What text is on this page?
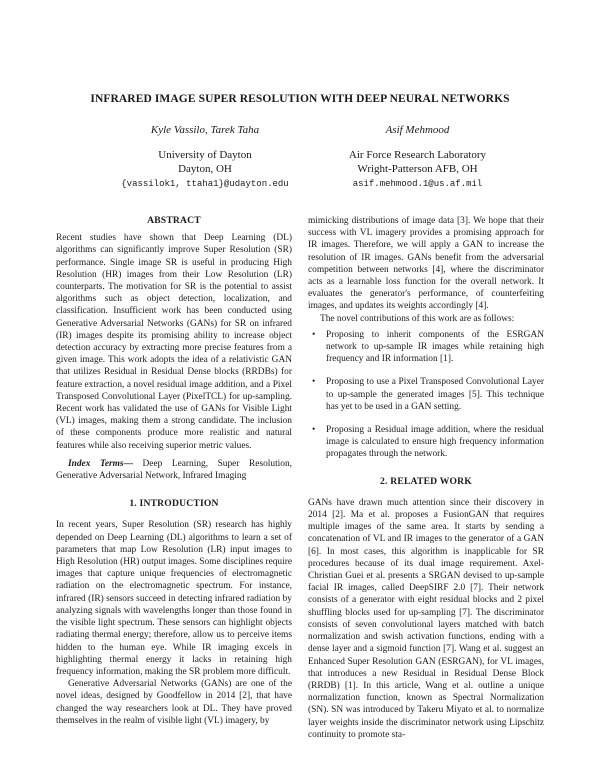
INFRARED IMAGE SUPER RESOLUTION WITH DEEP NEURAL NETWORKS
Kyle Vassilo, Tarek Taha
University of Dayton
Dayton, OH
{vassilok1, ttaha1}@udayton.edu
Asif Mehmood
Air Force Research Laboratory
Wright-Patterson AFB, OH
asif.mehmood.1@us.af.mil
ABSTRACT

Recent studies have shown that Deep Learning (DL) algorithms can significantly improve Super Resolution (SR) performance. Single image SR is useful in producing High Resolution (HR) images from their Low Resolution (LR) counterparts. The motivation for SR is the potential to assist algorithms such as object detection, localization, and classification. Insufficient work has been conducted using Generative Adversarial Networks (GANs) for SR on infrared (IR) images despite its promising ability to increase object detection accuracy by extracting more precise features from a given image. This work adopts the idea of a relativistic GAN that utilizes Residual in Residual Dense blocks (RRDBs) for feature extraction, a novel residual image addition, and a Pixel Transposed Convolutional Layer (PixelTCL) for up-sampling. Recent work has validated the use of GANs for Visible Light (VL) images, making them a strong candidate. The inclusion of these components produce more realistic and natural features while also receiving superior metric values.

Index Terms— Deep Learning, Super Resolution, Generative Adversarial Network, Infrared Imaging

1. INTRODUCTION

In recent years, Super Resolution (SR) research has highly depended on Deep Learning (DL) algorithms to learn a set of parameters that map Low Resolution (LR) input images to High Resolution (HR) output images. Some disciplines require images that capture unique frequencies of electromagnetic radiation on the electromagnetic spectrum. For instance, infrared (IR) sensors succeed in detecting infrared radiation by analyzing signals with wavelengths longer than those found in the visible light spectrum. These sensors can highlight objects radiating thermal energy; therefore, allow us to perceive items hidden to the human eye. While IR imaging excels in highlighting thermal energy it lacks in retaining high frequency information, making the SR problem more difficult.

Generative Adversarial Networks (GANs) are one of the novel ideas, designed by Goodfellow in 2014 [2], that have changed the way researchers look at DL. They have proved themselves in the realm of visible light (VL) imagery, by

mimicking distributions of image data [3]. We hope that their success with VL imagery provides a promising approach for IR images. Therefore, we will apply a GAN to increase the resolution of IR images. GANs benefit from the adversarial competition between networks [4], where the discriminator acts as a learnable loss function for the overall network. It evaluates the generator's performance, of counterfeiting images, and updates its weights accordingly [4].

The novel contributions of this work are as follows:

• Proposing to inherit components of the ESRGAN network to up-sample IR images while retaining high frequency and IR information [1].
• Proposing to use a Pixel Transposed Convolutional Layer to up-sample the generated images [5]. This technique has yet to be used in a GAN setting.
• Proposing a Residual image addition, where the residual image is calculated to ensure high frequency information propagates through the network.
2. RELATED WORK

GANs have drawn much attention since their discovery in 2014 [2]. Ma et al. proposes a FusionGAN that requires multiple images of the same area. It starts by sending a concatenation of VL and IR images to the generator of a GAN [6]. In most cases, this algorithm is inapplicable for SR procedures because of its dual image requirement. Axel-Christian Guei et al. presents a SRGAN devised to up-sample facial IR images, called DeepSIRF 2.0 [7]. Their network consists of a generator with eight residual blocks and 2 pixel shuffling blocks used for up-sampling [7]. The discriminator consists of seven convolutional layers matched with batch normalization and swish activation functions, ending with a dense layer and a sigmoid function [7]. Wang et al. suggest an Enhanced Super Resolution GAN (ESRGAN), for VL images, that introduces a new Residual in Residual Dense Block (RRDB) [1]. In this article, Wang et al. outline a unique normalization function, known as Spectral Normalization (SN). SN was introduced by Takeru Miyato et al. to normalize layer weights inside the discriminator network using Lipschitz continuity to promote sta-
